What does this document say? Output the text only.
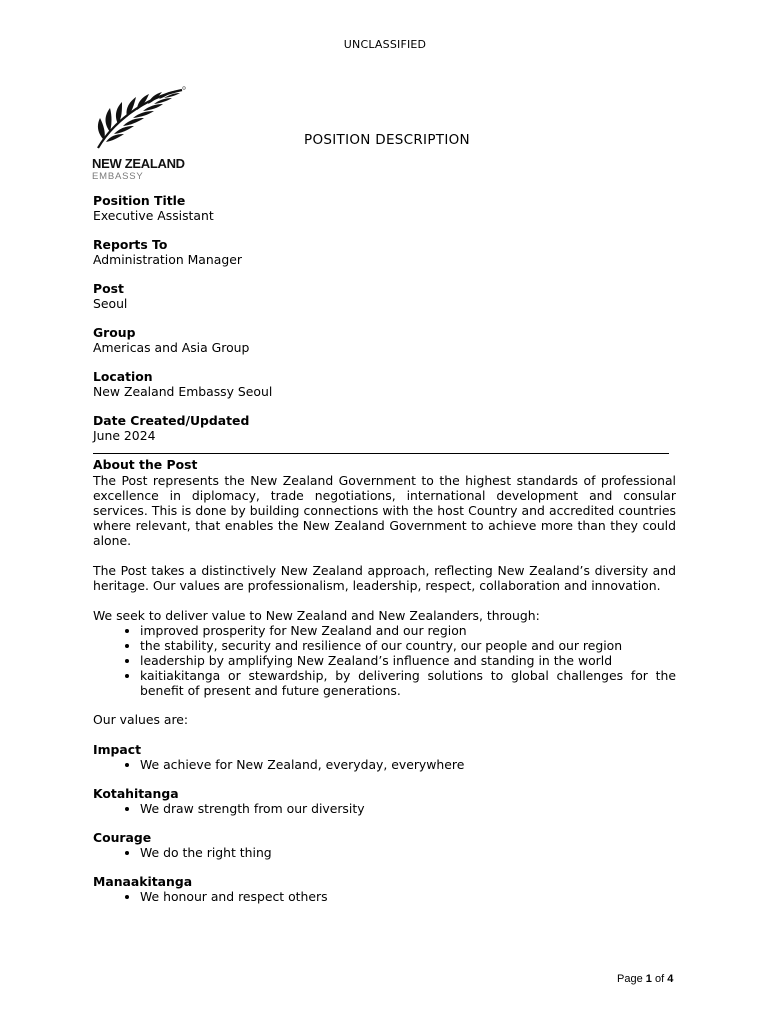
UNCLASSIFIED
NEW ZEALAND
EMBASSY
POSITION DESCRIPTION
Position Title
Executive Assistant
Reports To
Administration Manager
Post
Seoul
Group
Americas and Asia Group
Location
New Zealand Embassy Seoul
Date Created/Updated
June 2024
About the Post

The Post represents the New Zealand Government to the highest standards of professional excellence in diplomacy, trade negotiations, international development and consular services. This is done by building connections with the host Country and accredited countries where relevant, that enables the New Zealand Government to achieve more than they could alone.

The Post takes a distinctively New Zealand approach, reflecting New Zealand’s diversity and heritage. Our values are professionalism, leadership, respect, collaboration and innovation.

We seek to deliver value to New Zealand and New Zealanders, through:

• improved prosperity for New Zealand and our region
• the stability, security and resilience of our country, our people and our region
• leadership by amplifying New Zealand’s influence and standing in the world
• kaitiakitanga or stewardship, by delivering solutions to global challenges for the benefit of present and future generations.

Our values are:

Impact
• We achieve for New Zealand, everyday, everywhere
Kotahitanga
• We draw strength from our diversity
Courage
• We do the right thing
Manaakitanga
• We honour and respect others
Page 1 of 4
